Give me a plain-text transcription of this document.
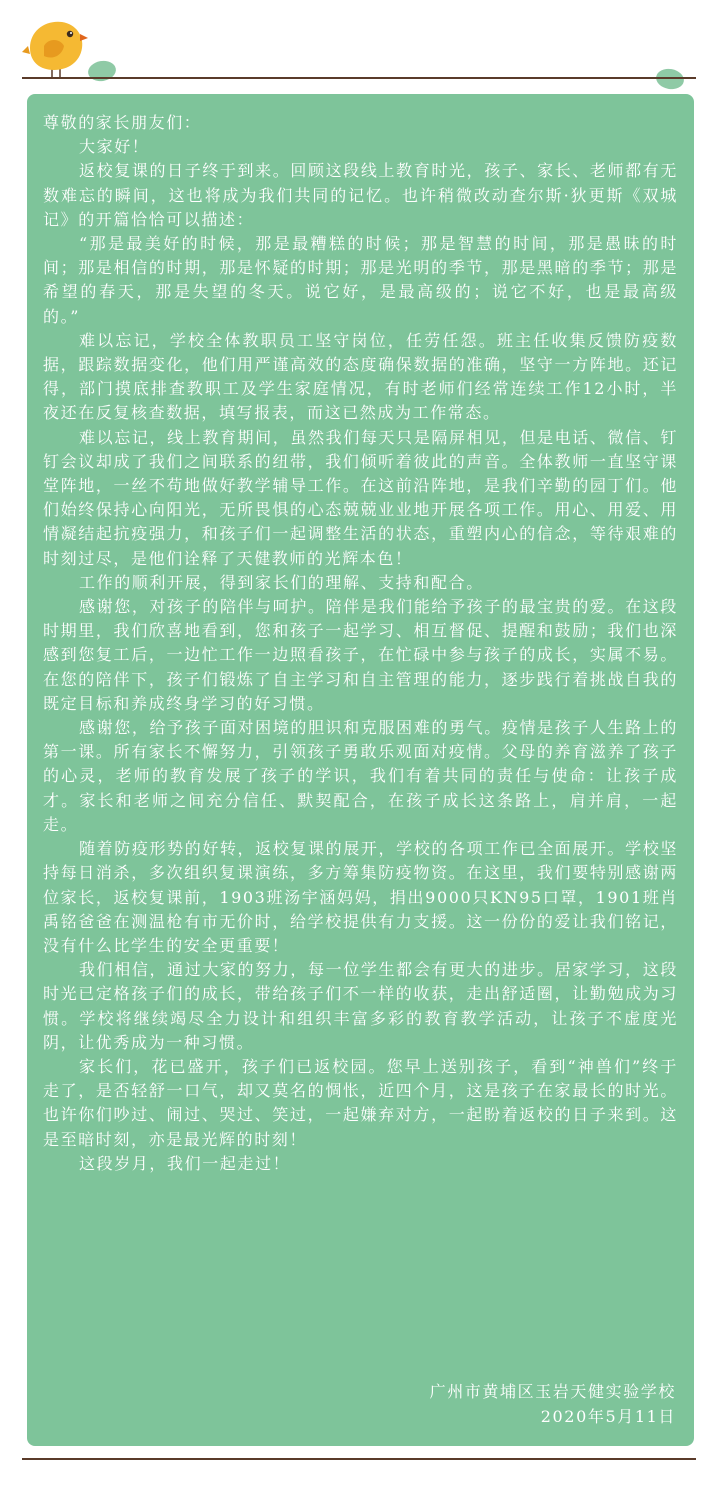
尊敬的家长朋友们：

大家好！

返校复课的日子终于到来。回顾这段线上教育时光，孩子、家长、老师都有无数难忘的瞬间，这也将成为我们共同的记忆。也许稍微改动查尔斯·狄更斯《双城记》的开篇恰恰可以描述：

“那是最美好的时候，那是最糟糕的时候；那是智慧的时间，那是愚昧的时间；那是相信的时期，那是怀疑的时期；那是光明的季节，那是黑暗的季节；那是希望的春天，那是失望的冬天。说它好，是最高级的；说它不好，也是最高级的。”

难以忘记，学校全体教职员工坚守岗位，任劳任怨。班主任收集反馈防疫数据，跟踪数据变化，他们用严谨高效的态度确保数据的准确，坚守一方阵地。还记得，部门摸底排查教职工及学生家庭情况，有时老师们经常连续工作12小时，半夜还在反复核查数据，填写报表，而这已然成为工作常态。

难以忘记，线上教育期间，虽然我们每天只是隔屏相见，但是电话、微信、钉钉会议却成了我们之间联系的纽带，我们倾听着彼此的声音。全体教师一直坚守课堂阵地，一丝不苟地做好教学辅导工作。在这前沿阵地，是我们辛勤的园丁们。他们始终保持心向阳光，无所畏惧的心态兢兢业业地开展各项工作。用心、用爱、用情凝结起抗疫强力，和孩子们一起调整生活的状态，重塑内心的信念，等待艰难的时刻过尽，是他们诠释了天健教师的光辉本色！

工作的顺利开展，得到家长们的理解、支持和配合。

感谢您，对孩子的陪伴与呵护。陪伴是我们能给予孩子的最宝贵的爱。在这段时期里，我们欣喜地看到，您和孩子一起学习、相互督促、提醒和鼓励；我们也深感到您复工后，一边忙工作一边照看孩子，在忙碌中参与孩子的成长，实属不易。在您的陪伴下，孩子们锻炼了自主学习和自主管理的能力，逐步践行着挑战自我的既定目标和养成终身学习的好习惯。

感谢您，给予孩子面对困境的胆识和克服困难的勇气。疫情是孩子人生路上的第一课。所有家长不懈努力，引领孩子勇敢乐观面对疫情。父母的养育滋养了孩子的心灵，老师的教育发展了孩子的学识，我们有着共同的责任与使命：让孩子成才。家长和老师之间充分信任、默契配合，在孩子成长这条路上，肩并肩，一起走。

随着防疫形势的好转，返校复课的展开，学校的各项工作已全面展开。学校坚持每日消杀，多次组织复课演练，多方筹集防疫物资。在这里，我们要特别感谢两位家长，返校复课前，1903班汤宇涵妈妈，捐出9000只KN95口罩，1901班肖禹铭爸爸在测温枪有市无价时，给学校提供有力支援。这一份份的爱让我们铭记，没有什么比学生的安全更重要！

我们相信，通过大家的努力，每一位学生都会有更大的进步。居家学习，这段时光已定格孩子们的成长，带给孩子们不一样的收获，走出舒适圈，让勤勉成为习惯。学校将继续竭尽全力设计和组织丰富多彩的教育教学活动，让孩子不虚度光阴，让优秀成为一种习惯。

家长们，花已盛开，孩子们已返校园。您早上送别孩子，看到“神兽们”终于走了，是否轻舒一口气，却又莫名的惆怅，近四个月，这是孩子在家最长的时光。也许你们吵过、闹过、哭过、笑过，一起嫌弃对方，一起盼着返校的日子来到。这是至暗时刻，亦是最光辉的时刻！

这段岁月，我们一起走过！

广州市黄埔区玉岩天健实验学校
2020年5月11日
